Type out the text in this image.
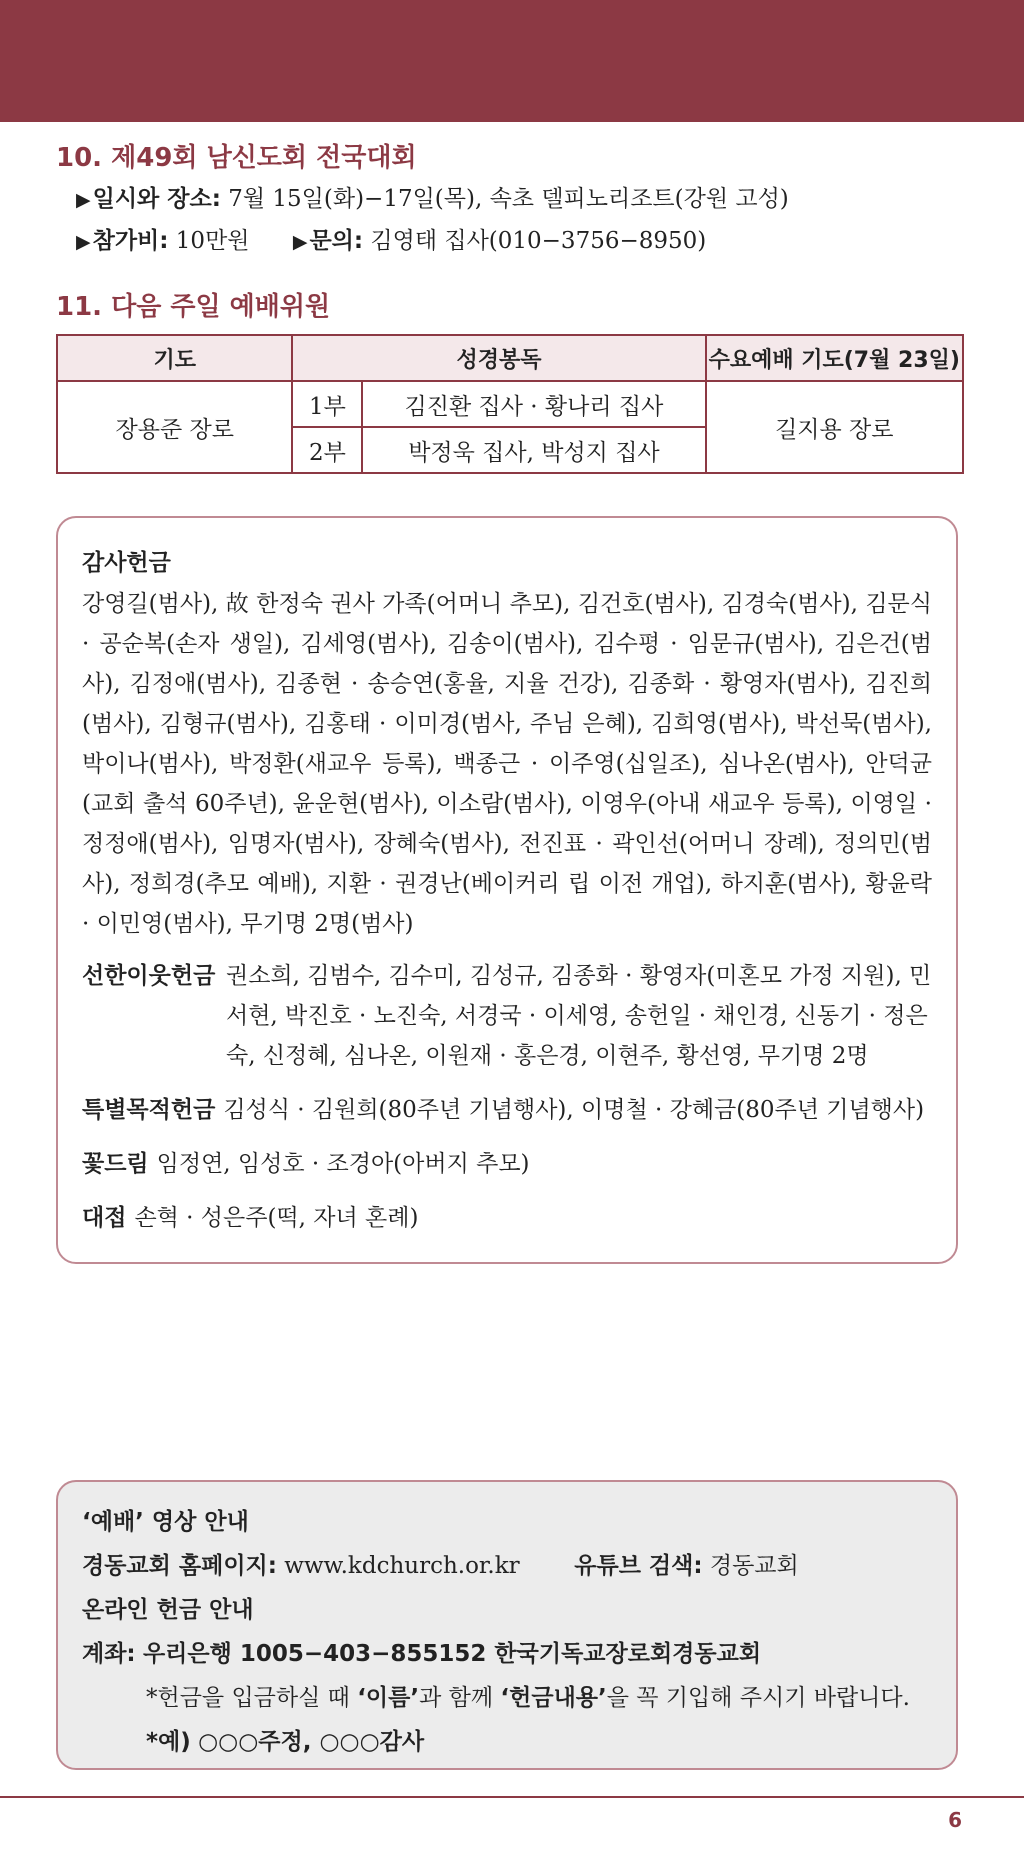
10. 제49회 남신도회 전국대회
▶일시와 장소: 7월 15일(화)−17일(목), 속초 델피노리조트(강원 고성)
▶참가비: 10만원 ▶문의: 김영태 집사(010−3756−8950)
11. 다음 주일 예배위원
기도	성경봉독		수요예배 기도(7월 23일)
장용준 장로	1부	김진환 집사 · 황나리 집사	길지용 장로
	2부	박정욱 집사, 박성지 집사	
감사헌금
강영길(범사), 故 한정숙 권사 가족(어머니 추모), 김건호(범사), 김경숙(범사), 김문식 · 공순복(손자 생일), 김세영(범사), 김송이(범사), 김수평 · 임문규(범사), 김은건(범사), 김정애(범사), 김종현 · 송승연(홍율, 지율 건강), 김종화 · 황영자(범사), 김진희(범사), 김형규(범사), 김홍태 · 이미경(범사, 주님 은혜), 김희영(범사), 박선묵(범사), 박이나(범사), 박정환(새교우 등록), 백종근 · 이주영(십일조), 심나온(범사), 안덕균(교회 출석 60주년), 윤운현(범사), 이소람(범사), 이영우(아내 새교우 등록), 이영일 · 정정애(범사), 임명자(범사), 장혜숙(범사), 전진표 · 곽인선(어머니 장례), 정의민(범사), 정희경(추모 예배), 지환 · 권경난(베이커리 립 이전 개업), 하지훈(범사), 황윤락 · 이민영(범사), 무기명 2명(범사)
선한이웃헌금 권소희, 김범수, 김수미, 김성규, 김종화 · 황영자(미혼모 가정 지원), 민서현, 박진호 · 노진숙, 서경국 · 이세영, 송헌일 · 채인경, 신동기 · 정은숙, 신정혜, 심나온, 이원재 · 홍은경, 이현주, 황선영, 무기명 2명
특별목적헌금 김성식 · 김원희(80주년 기념행사), 이명철 · 강혜금(80주년 기념행사)
꽃드림 임정연, 임성호 · 조경아(아버지 추모)
대접 손혁 · 성은주(떡, 자녀 혼례)
‘예배’ 영상 안내
경동교회 홈페이지: www.kdchurch.or.kr 유튜브 검색: 경동교회
온라인 헌금 안내
계좌: 우리은행 1005−403−855152 한국기독교장로회경동교회
*헌금을 입금하실 때 ‘이름’과 함께 ‘헌금내용’을 꼭 기입해 주시기 바랍니다.
*예) ○○○주정, ○○○감사
6
